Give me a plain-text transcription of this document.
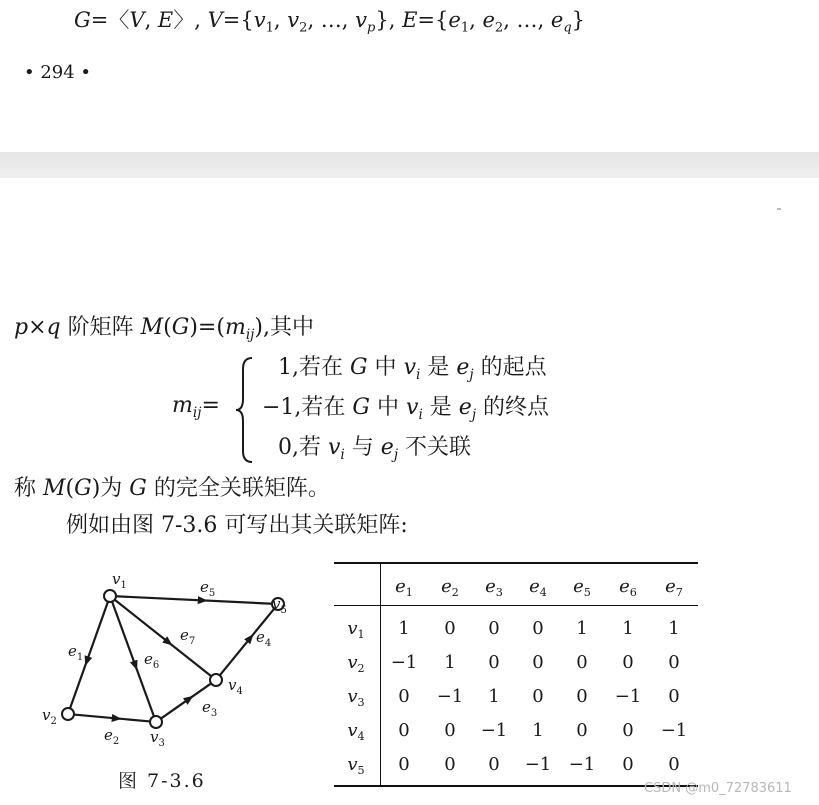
G=〈V, E〉, $V=\{v_1$, $v_2$, …, $v_p$}, $E=\{e_1$, $e_2$, …, $e_q$}
• 294 •
p×q 阶矩阵 $M(G)=(m_{ij})$,其中
$m_{ij}=$
1,若在 G 中 $v_i$ 是 $e_j$ 的起点
−1,若在 G 中 $v_i$ 是 $e_j$ 的终点
0,若 $v_i$ 与 $e_j$ 不关联
称 M(G)为 G 的完全关联矩阵。
例如由图 7-3.6 可写出其关联矩阵:
$e_1$
$e_2$
$e_3$
$e_4$
$e_5$
$e_6$
$e_7$
$v_1$
$v_2$
$v_3$
$v_4$
$v_5$
图 7-3.6
$e_1$	$e_2$	$e_3$	$e_4$	$e_5$	$e_6$	$e_7$
$v_1$	1	0	0	0	1	1	1
$v_2$	−1	1	0	0	0	0	0
$v_3$	0	−1	1	0	0	−1	0
$v_4$	0	0	−1	1	0	0	−1
$v_5$	0	0	0	−1 −1	0	0
CSDN @m0_72783611
